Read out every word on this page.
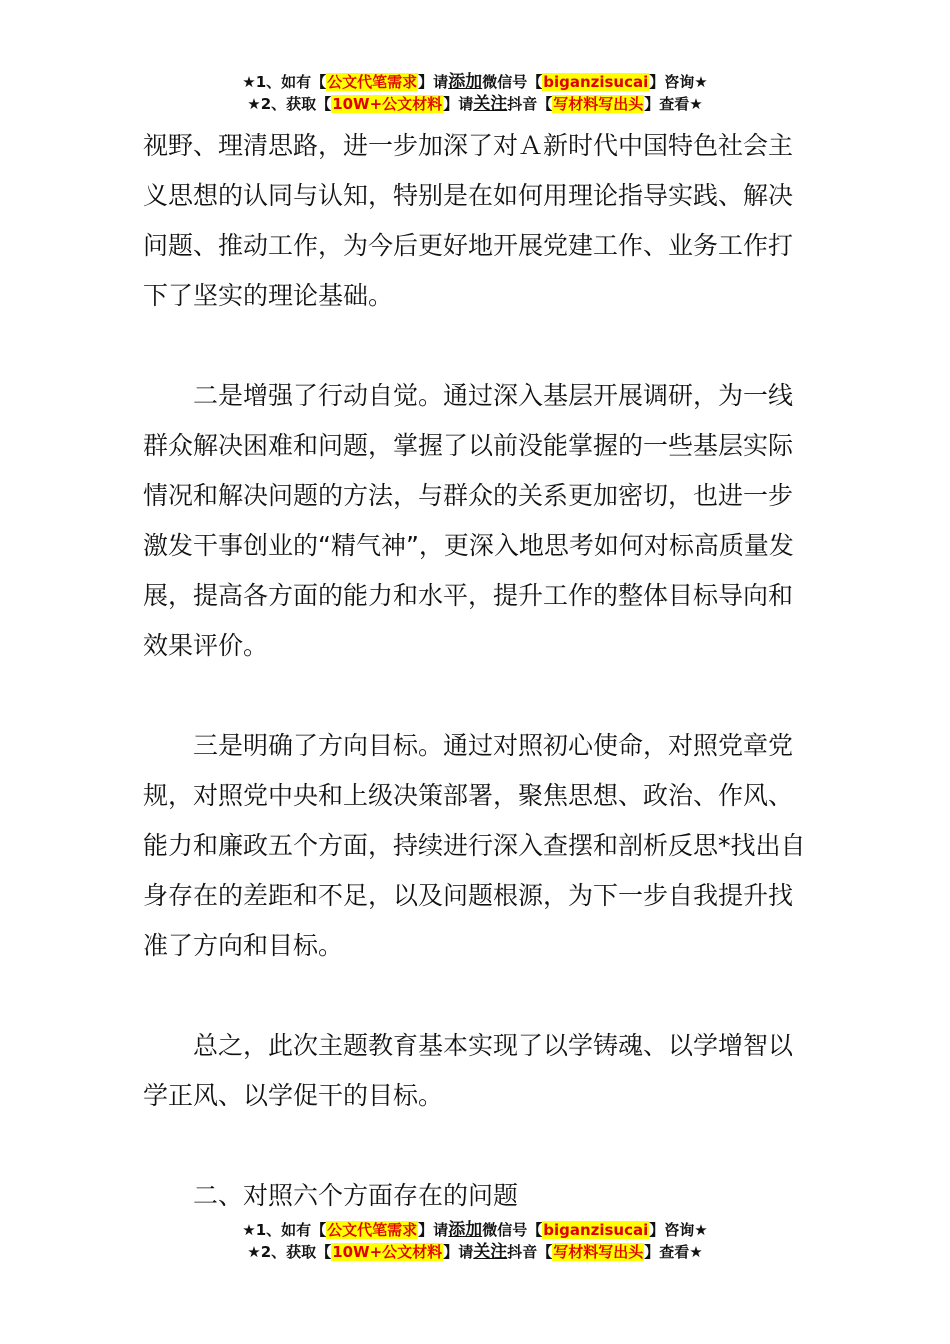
★1、如有【公文代笔需求】请添加微信号【biganzisucai】咨询★
★2、获取【10W+公文材料】请关注抖音【写材料写出头】查看★

视野、理清思路，进一步加深了对Ａ新时代中国特色社会主义思想的认同与认知，特别是在如何用理论指导实践、解决问题、推动工作，为今后更好地开展党建工作、业务工作打下了坚实的理论基础。

二是增强了行动自觉。通过深入基层开展调研，为一线群众解决困难和问题，掌握了以前没能掌握的一些基层实际情况和解决问题的方法，与群众的关系更加密切，也进一步激发干事创业的“精气神”，更深入地思考如何对标高质量发展，提高各方面的能力和水平，提升工作的整体目标导向和效果评价。

三是明确了方向目标。通过对照初心使命，对照党章党规，对照党中央和上级决策部署，聚焦思想、政治、作风、能力和廉政五个方面，持续进行深入查摆和剖析反思*找出自身存在的差距和不足，以及问题根源，为下一步自我提升找准了方向和目标。

总之，此次主题教育基本实现了以学铸魂、以学增智以学正风、以学促干的目标。

二、对照六个方面存在的问题

★1、如有【公文代笔需求】请添加微信号【biganzisucai】咨询★
★2、获取【10W+公文材料】请关注抖音【写材料写出头】查看★
